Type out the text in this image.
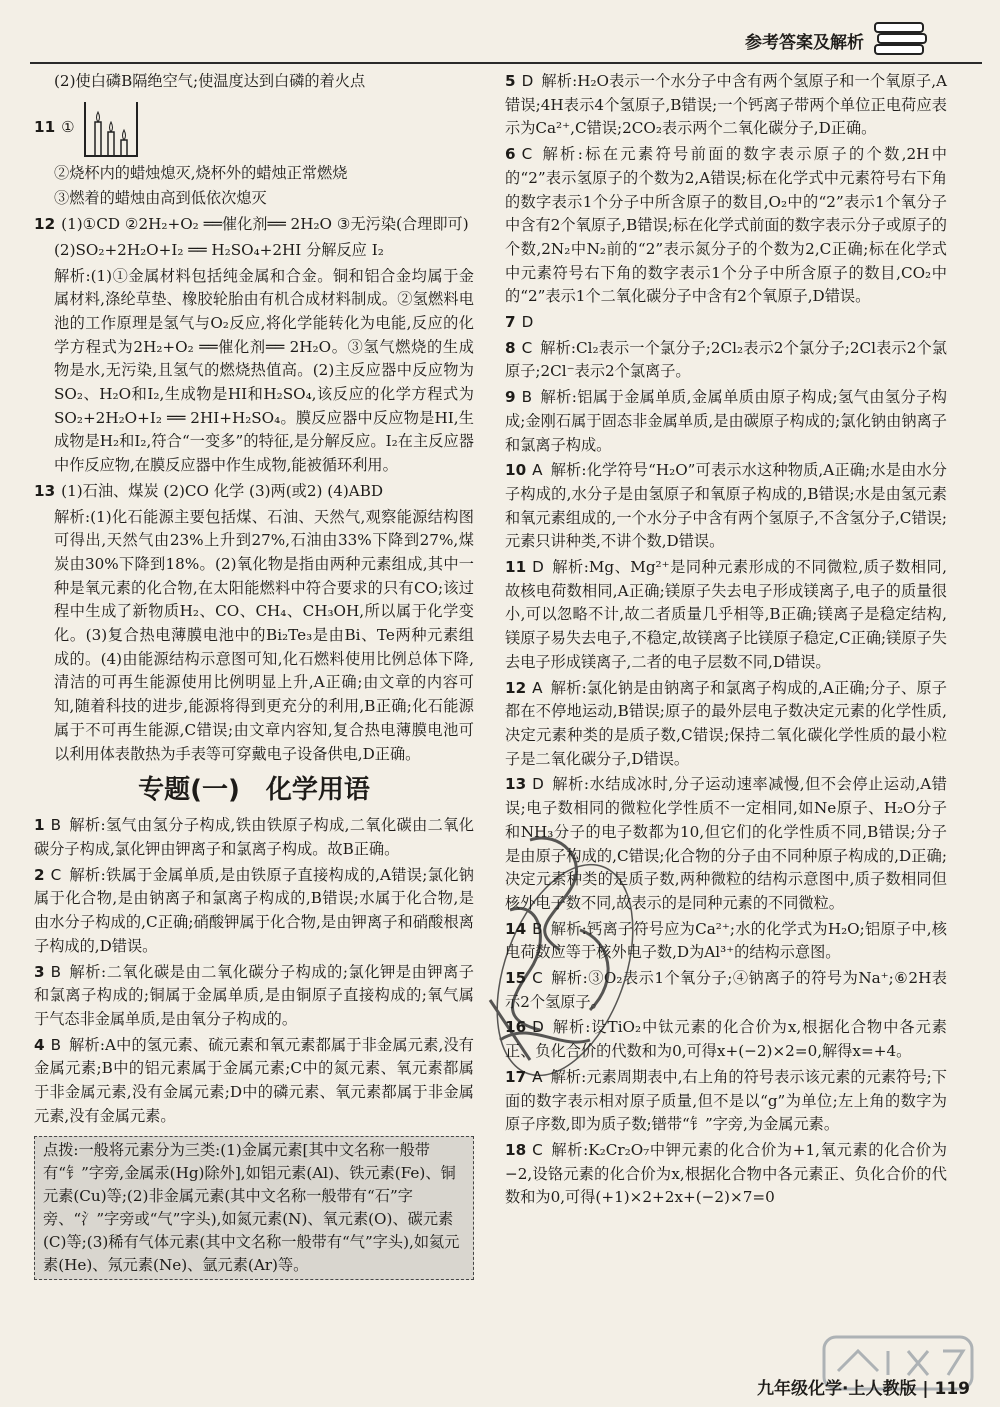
参考答案及解析
(2)使白磷B隔绝空气;使温度达到白磷的着火点
11 ①
②烧杯内的蜡烛熄灭,烧杯外的蜡烛正常燃烧
③燃着的蜡烛由高到低依次熄灭
12 (1)①CD ②2H₂+O₂ ══催化剂══ 2H₂O ③无污染(合理即可)
(2)SO₂+2H₂O+I₂ ══ H₂SO₄+2HI 分解反应 I₂
解析:(1)①金属材料包括纯金属和合金。铜和铝合金均属于金属材料,涤纶草垫、橡胶轮胎由有机合成材料制成。②氢燃料电池的工作原理是氢气与O₂反应,将化学能转化为电能,反应的化学方程式为2H₂+O₂ ══催化剂══ 2H₂O。③氢气燃烧的生成物是水,无污染,且氢气的燃烧热值高。(2)主反应器中反应物为SO₂、H₂O和I₂,生成物是HI和H₂SO₄,该反应的化学方程式为SO₂+2H₂O+I₂ ══ 2HI+H₂SO₄。膜反应器中反应物是HI,生成物是H₂和I₂,符合“一变多”的特征,是分解反应。I₂在主反应器中作反应物,在膜反应器中作生成物,能被循环利用。
13 (1)石油、煤炭 (2)CO 化学 (3)两(或2) (4)ABD
解析:(1)化石能源主要包括煤、石油、天然气,观察能源结构图可得出,天然气由23%上升到27%,石油由33%下降到27%,煤炭由30%下降到18%。(2)氧化物是指由两种元素组成,其中一种是氧元素的化合物,在太阳能燃料中符合要求的只有CO;该过程中生成了新物质H₂、CO、CH₄、CH₃OH,所以属于化学变化。(3)复合热电薄膜电池中的Bi₂Te₃是由Bi、Te两种元素组成的。(4)由能源结构示意图可知,化石燃料使用比例总体下降,清洁的可再生能源使用比例明显上升,A正确;由文章的内容可知,随着科技的进步,能源将得到更充分的利用,B正确;化石能源属于不可再生能源,C错误;由文章内容知,复合热电薄膜电池可以利用体表散热为手表等可穿戴电子设备供电,D正确。
专题(一)　化学用语
1 B 解析:氢气由氢分子构成,铁由铁原子构成,二氧化碳由二氧化碳分子构成,氯化钾由钾离子和氯离子构成。故B正确。
2 C 解析:铁属于金属单质,是由铁原子直接构成的,A错误;氯化钠属于化合物,是由钠离子和氯离子构成的,B错误;水属于化合物,是由水分子构成的,C正确;硝酸钾属于化合物,是由钾离子和硝酸根离子构成的,D错误。
3 B 解析:二氧化碳是由二氧化碳分子构成的;氯化钾是由钾离子和氯离子构成的;铜属于金属单质,是由铜原子直接构成的;氧气属于气态非金属单质,是由氧分子构成的。
4 B 解析:A中的氢元素、硫元素和氧元素都属于非金属元素,没有金属元素;B中的铝元素属于金属元素;C中的氮元素、氧元素都属于非金属元素,没有金属元素;D中的磷元素、氧元素都属于非金属元素,没有金属元素。
点拨:一般将元素分为三类:(1)金属元素[其中文名称一般带有“钅”字旁,金属汞(Hg)除外],如铝元素(Al)、铁元素(Fe)、铜元素(Cu)等;(2)非金属元素(其中文名称一般带有“石”字旁、“氵”字旁或“气”字头),如氮元素(N)、氧元素(O)、碳元素(C)等;(3)稀有气体元素(其中文名称一般带有“气”字头),如氦元素(He)、氖元素(Ne)、氩元素(Ar)等。
5 D 解析:H₂O表示一个水分子中含有两个氢原子和一个氧原子,A错误;4H表示4个氢原子,B错误;一个钙离子带两个单位正电荷应表示为Ca²⁺,C错误;2CO₂表示两个二氧化碳分子,D正确。
6 C 解析:标在元素符号前面的数字表示原子的个数,2H中的“2”表示氢原子的个数为2,A错误;标在化学式中元素符号右下角的数字表示1个分子中所含原子的数目,O₂中的“2”表示1个氧分子中含有2个氧原子,B错误;标在化学式前面的数字表示分子或原子的个数,2N₂中N₂前的“2”表示氮分子的个数为2,C正确;标在化学式中元素符号右下角的数字表示1个分子中所含原子的数目,CO₂中的“2”表示1个二氧化碳分子中含有2个氧原子,D错误。
7 D
8 C 解析:Cl₂表示一个氯分子;2Cl₂表示2个氯分子;2Cl表示2个氯原子;2Cl⁻表示2个氯离子。
9 B 解析:铝属于金属单质,金属单质由原子构成;氢气由氢分子构成;金刚石属于固态非金属单质,是由碳原子构成的;氯化钠由钠离子和氯离子构成。
10 A 解析:化学符号“H₂O”可表示水这种物质,A正确;水是由水分子构成的,水分子是由氢原子和氧原子构成的,B错误;水是由氢元素和氧元素组成的,一个水分子中含有两个氢原子,不含氢分子,C错误;元素只讲种类,不讲个数,D错误。
11 D 解析:Mg、Mg²⁺是同种元素形成的不同微粒,质子数相同,故核电荷数相同,A正确;镁原子失去电子形成镁离子,电子的质量很小,可以忽略不计,故二者质量几乎相等,B正确;镁离子是稳定结构,镁原子易失去电子,不稳定,故镁离子比镁原子稳定,C正确;镁原子失去电子形成镁离子,二者的电子层数不同,D错误。
12 A 解析:氯化钠是由钠离子和氯离子构成的,A正确;分子、原子都在不停地运动,B错误;原子的最外层电子数决定元素的化学性质,决定元素种类的是质子数,C错误;保持二氧化碳化学性质的最小粒子是二氧化碳分子,D错误。
13 D 解析:水结成冰时,分子运动速率减慢,但不会停止运动,A错误;电子数相同的微粒化学性质不一定相同,如Ne原子、H₂O分子和NH₃分子的电子数都为10,但它们的化学性质不同,B错误;分子是由原子构成的,C错误;化合物的分子由不同种原子构成的,D正确;决定元素种类的是质子数,两种微粒的结构示意图中,质子数相同但核外电子数不同,故表示的是同种元素的不同微粒。
14 B 解析:钙离子符号应为Ca²⁺;水的化学式为H₂O;铝原子中,核电荷数应等于核外电子数,D为Al³⁺的结构示意图。
15 C 解析:③O₂表示1个氧分子;④钠离子的符号为Na⁺;⑥2H表示2个氢原子。
16 D 解析:设TiO₂中钛元素的化合价为x,根据化合物中各元素正、负化合价的代数和为0,可得x+(−2)×2=0,解得x=+4。
17 A 解析:元素周期表中,右上角的符号表示该元素的元素符号;下面的数字表示相对原子质量,但不是以“g”为单位;左上角的数字为原子序数,即为质子数;镨带“钅”字旁,为金属元素。
18 C 解析:K₂Cr₂O₇中钾元素的化合价为+1,氧元素的化合价为−2,设铬元素的化合价为x,根据化合物中各元素正、负化合价的代数和为0,可得(+1)×2+2x+(−2)×7=0
九年级化学·上人教版 | 119
